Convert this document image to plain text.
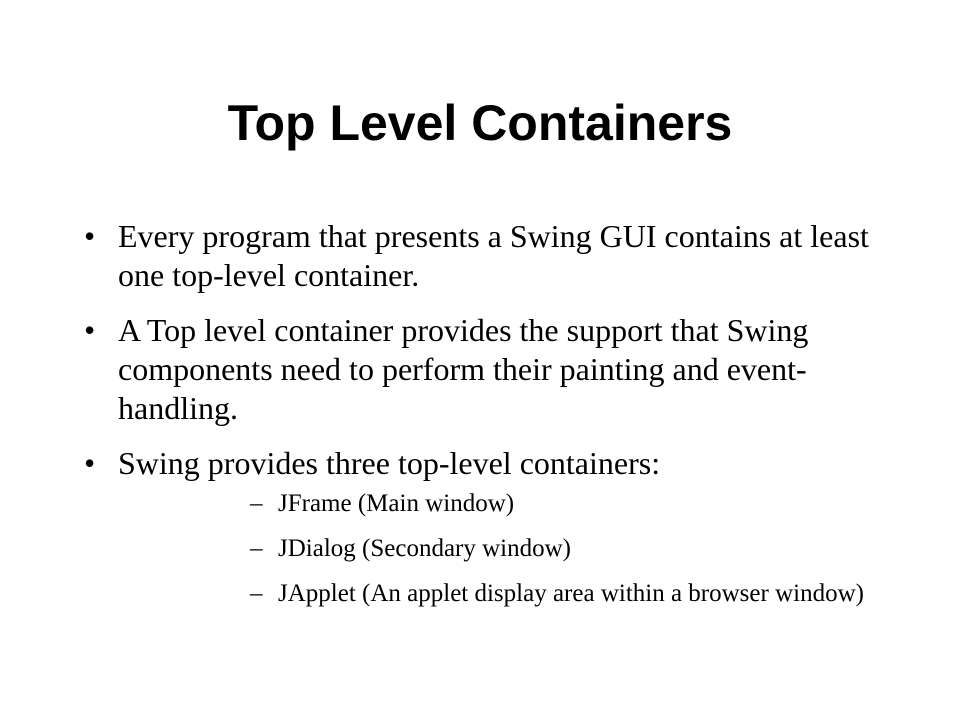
Top Level Containers
• Every program that presents a Swing GUI contains at least one top-level container.
• A Top level container provides the support that Swing components need to perform their painting and event-handling.
• Swing provides three top-level containers:
– JFrame (Main window)
– JDialog (Secondary window)
– JApplet (An applet display area within a browser window)
